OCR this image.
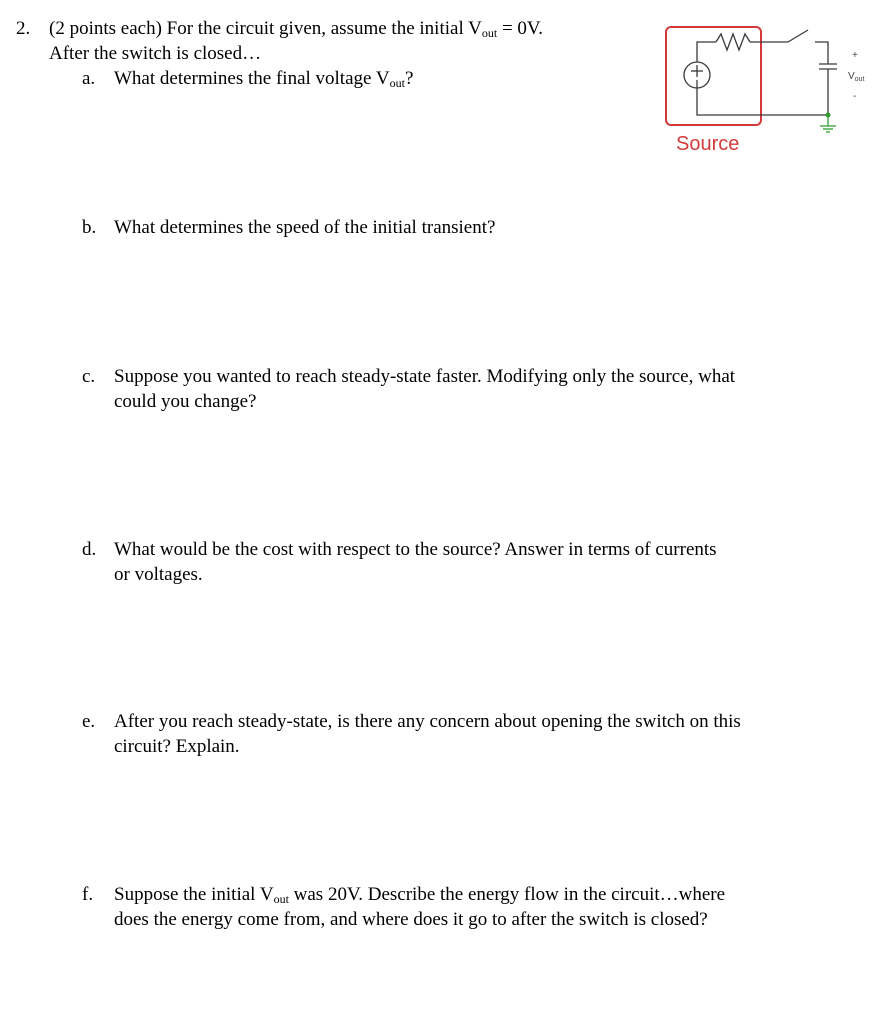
2. (2 points each) For the circuit given, assume the initial $V_{out} = 0V$.
After the switch is closed…
a. What determines the final voltage $V_{out}$?
b. What determines the speed of the initial transient?
c. Suppose you wanted to reach steady-state faster. Modifying only the source, what
could you change?
d. What would be the cost with respect to the source? Answer in terms of currents
or voltages.
e. After you reach steady-state, is there any concern about opening the switch on this
circuit? Explain.
f. Suppose the initial $V_{out}$ was 20V. Describe the energy flow in the circuit…where
does the energy come from, and where does it go to after the switch is closed?
Source
+
$V_{out}$
-
